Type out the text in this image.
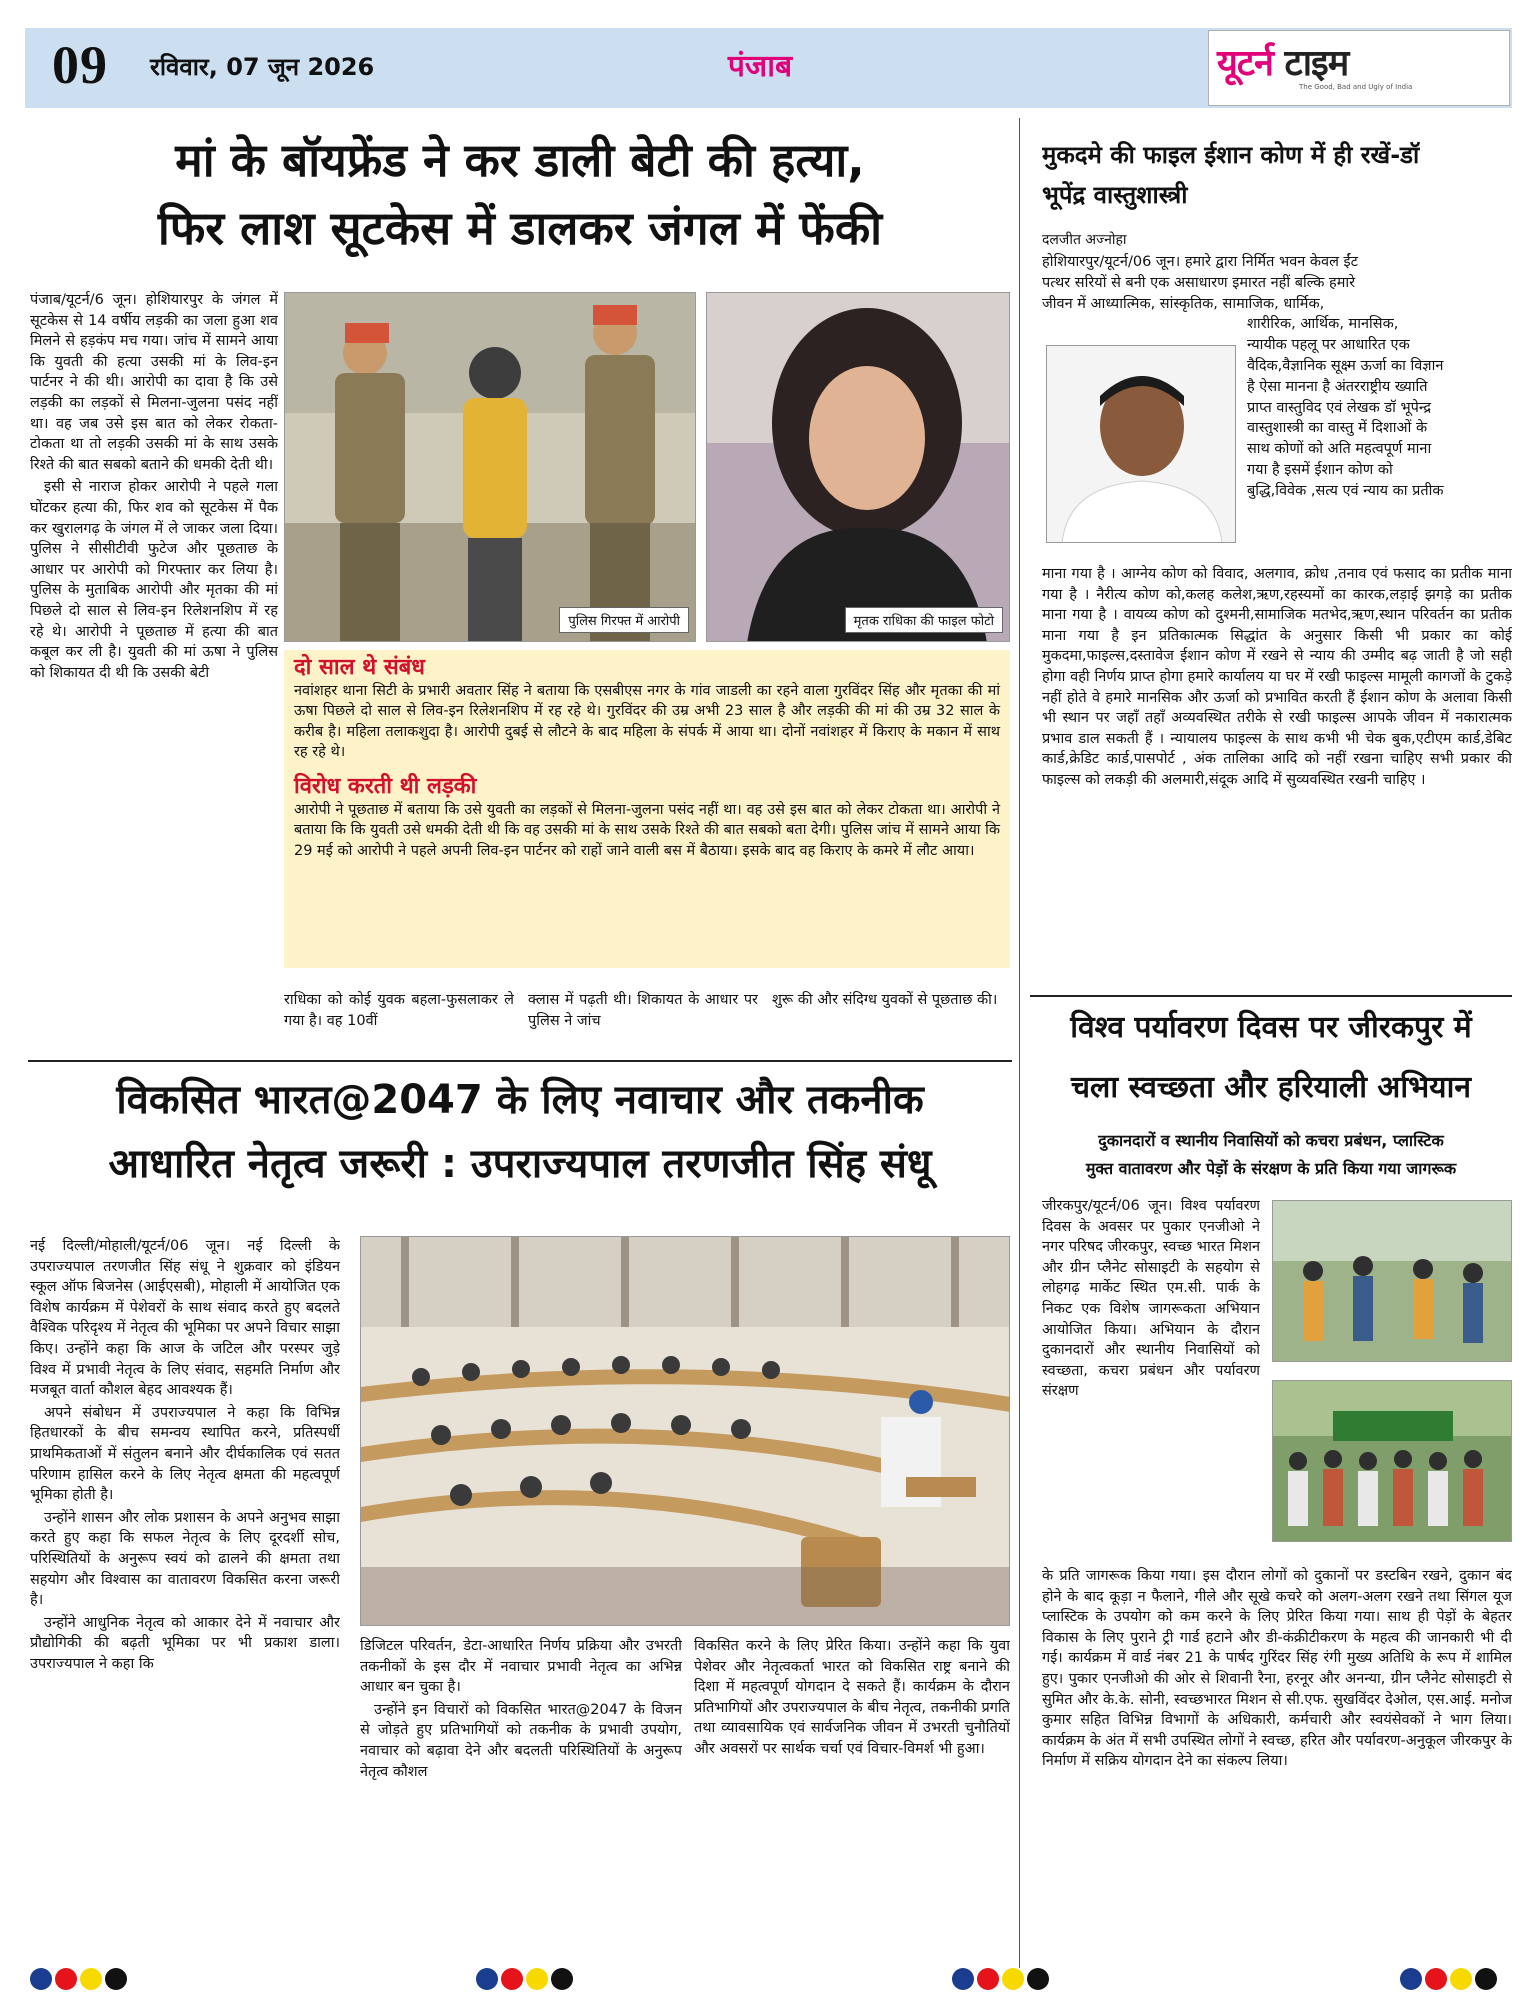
09 रविवार, 07 जून 2026	पंजाब	यूटर्न टाइम
The Good, Bad and Ugly of India
मां के बॉयफ्रेंड ने कर डाली बेटी की हत्या,
फिर लाश सूटकेस में डालकर जंगल में फेंकी

पंजाब/यूटर्न/6 जून। होशियारपुर के जंगल में सूटकेस से 14 वर्षीय लड़की का जला हुआ शव मिलने से हड़कंप मच गया। जांच में सामने आया कि युवती की हत्या उसकी मां के लिव-इन पार्टनर ने की थी। आरोपी का दावा है कि उसे लड़की का लड़कों से मिलना-जुलना पसंद नहीं था। वह जब उसे इस बात को लेकर रोकता-टोकता था तो लड़की उसकी मां के साथ उसके रिश्ते की बात सबको बताने की धमकी देती थी।

इसी से नाराज होकर आरोपी ने पहले गला घोंटकर हत्या की, फिर शव को सूटकेस में पैक कर खुरालगढ़ के जंगल में ले जाकर जला दिया। पुलिस ने सीसीटीवी फुटेज और पूछताछ के आधार पर आरोपी को गिरफ्तार कर लिया है। पुलिस के मुताबिक आरोपी और मृतका की मां पिछले दो साल से लिव-इन रिलेशनशिप में रह रहे थे। आरोपी ने पूछताछ में हत्या की बात कबूल कर ली है। युवती की मां ऊषा ने पुलिस को शिकायत दी थी कि उसकी बेटी

पुलिस गिरफ्त में आरोपी	मृतक राधिका की फाइल फोटो
दो साल थे संबंध
नवांशहर थाना सिटी के प्रभारी अवतार सिंह ने बताया कि एसबीएस नगर के गांव जाडली का रहने वाला गुरविंदर सिंह और मृतका की मां ऊषा पिछले दो साल से लिव-इन रिलेशनशिप में रह रहे थे। गुरविंदर की उम्र अभी 23 साल है और लड़की की मां की उम्र 32 साल के करीब है। महिला तलाकशुदा है। आरोपी दुबई से लौटने के बाद महिला के संपर्क में आया था। दोनों नवांशहर में किराए के मकान में साथ रह रहे थे।
विरोध करती थी लड़की
आरोपी ने पूछताछ में बताया कि उसे युवती का लड़कों से मिलना-जुलना पसंद नहीं था। वह उसे इस बात को लेकर टोकता था। आरोपी ने बताया कि कि युवती उसे धमकी देती थी कि वह उसकी मां के साथ उसके रिश्ते की बात सबको बता देगी। पुलिस जांच में सामने आया कि 29 मई को आरोपी ने पहले अपनी लिव-इन पार्टनर को राहों जाने वाली बस में बैठाया। इसके बाद वह किराए के कमरे में लौट आया।
राधिका को कोई युवक बहला-फुसलाकर ले गया है। वह 10वीं
क्लास में पढ़ती थी। शिकायत के आधार पर पुलिस ने जांच
शुरू की और संदिग्ध युवकों से पूछताछ की।
विकसित भारत@2047 के लिए नवाचार और तकनीक
आधारित नेतृत्व जरूरी : उपराज्यपाल तरणजीत सिंह संधू

नई दिल्ली/मोहाली/यूटर्न/06 जून। नई दिल्ली के उपराज्यपाल तरणजीत सिंह संधू ने शुक्रवार को इंडियन स्कूल ऑफ बिजनेस (आईएसबी), मोहाली में आयोजित एक विशेष कार्यक्रम में पेशेवरों के साथ संवाद करते हुए बदलते वैश्विक परिदृश्य में नेतृत्व की भूमिका पर अपने विचार साझा किए। उन्होंने कहा कि आज के जटिल और परस्पर जुड़े विश्व में प्रभावी नेतृत्व के लिए संवाद, सहमति निर्माण और मजबूत वार्ता कौशल बेहद आवश्यक हैं।

अपने संबोधन में उपराज्यपाल ने कहा कि विभिन्न हितधारकों के बीच समन्वय स्थापित करने, प्रतिस्पर्धी प्राथमिकताओं में संतुलन बनाने और दीर्घकालिक एवं सतत परिणाम हासिल करने के लिए नेतृत्व क्षमता की महत्वपूर्ण भूमिका होती है।

उन्होंने शासन और लोक प्रशासन के अपने अनुभव साझा करते हुए कहा कि सफल नेतृत्व के लिए दूरदर्शी सोच, परिस्थितियों के अनुरूप स्वयं को ढालने की क्षमता तथा सहयोग और विश्वास का वातावरण विकसित करना जरूरी है।

उन्होंने आधुनिक नेतृत्व को आकार देने में नवाचार और प्रौद्योगिकी की बढ़ती भूमिका पर भी प्रकाश डाला। उपराज्यपाल ने कहा कि

डिजिटल परिवर्तन, डेटा-आधारित निर्णय प्रक्रिया और उभरती तकनीकों के इस दौर में नवाचार प्रभावी नेतृत्व का अभिन्न आधार बन चुका है।

उन्होंने इन विचारों को विकसित भारत@2047 के विजन से जोड़ते हुए प्रतिभागियों को तकनीक के प्रभावी उपयोग, नवाचार को बढ़ावा देने और बदलती परिस्थितियों के अनुरूप नेतृत्व कौशल

विकसित करने के लिए प्रेरित किया। उन्होंने कहा कि युवा पेशेवर और नेतृत्वकर्ता भारत को विकसित राष्ट्र बनाने की दिशा में महत्वपूर्ण योगदान दे सकते हैं। कार्यक्रम के दौरान प्रतिभागियों और उपराज्यपाल के बीच नेतृत्व, तकनीकी प्रगति तथा व्यावसायिक एवं सार्वजनिक जीवन में उभरती चुनौतियों और अवसरों पर सार्थक चर्चा एवं विचार-विमर्श भी हुआ।

मुकदमे की फाइल ईशान कोण में ही रखें-डॉ
भूपेंद्र वास्तुशास्त्री
दलजीत अज्नोहा
होशियारपुर/यूटर्न/06 जून। हमारे द्वारा निर्मित भवन केवल ईंट
पत्थर सरियों से बनी एक असाधारण इमारत नहीं बल्कि हमारे
जीवन में आध्यात्मिक, सांस्कृतिक, सामाजिक, धार्मिक,
शारीरिक, आर्थिक, मानसिक,
न्यायीक पहलू पर आधारित एक
वैदिक,वैज्ञानिक सूक्ष्म ऊर्जा का विज्ञान
है ऐसा मानना है अंतरराष्ट्रीय ख्याति
प्राप्त वास्तुविद एवं लेखक डॉ भूपेन्द्र
वास्तुशास्त्री का वास्तु में दिशाओं के
साथ कोणों को अति महत्वपूर्ण माना
गया है इसमें ईशान कोण को
बुद्धि,विवेक ,सत्य एवं न्याय का प्रतीक
माना गया है । आग्नेय कोण को विवाद, अलगाव, क्रोध ,तनाव एवं फसाद का प्रतीक माना गया है । नैरीत्य कोण को,कलह कलेश,ऋण,रहस्यमों का कारक,लड़ाई झगड़े का प्रतीक माना गया है । वायव्य कोण को दुश्मनी,सामाजिक मतभेद,ऋण,स्थान परिवर्तन का प्रतीक माना गया है इन प्रतिकात्मक सिद्धांत के अनुसार किसी भी प्रकार का कोई मुकदमा,फाइल्स,दस्तावेज ईशान कोण में रखने से न्याय की उम्मीद बढ़ जाती है जो सही होगा वही निर्णय प्राप्त होगा हमारे कार्यालय या घर में रखी फाइल्स मामूली कागजों के टुकड़े नहीं होते वे हमारे मानसिक और ऊर्जा को प्रभावित करती हैं ईशान कोण के अलावा किसी भी स्थान पर जहाँ तहाँ अव्यवस्थित तरीके से रखी फाइल्स आपके जीवन में नकारात्मक प्रभाव डाल सकती हैं । न्यायालय फाइल्स के साथ कभी भी चेक बुक,एटीएम कार्ड,डेबिट कार्ड,क्रेडिट कार्ड,पासपोर्ट , अंक तालिका आदि को नहीं रखना चाहिए सभी प्रकार की फाइल्स को लकड़ी की अलमारी,संदूक आदि में सुव्यवस्थित रखनी चाहिए ।
विश्व पर्यावरण दिवस पर जीरकपुर में
चला स्वच्छता और हरियाली अभियान
दुकानदारों व स्थानीय निवासियों को कचरा प्रबंधन, प्लास्टिक
मुक्त वातावरण और पेड़ों के संरक्षण के प्रति किया गया जागरूक
जीरकपुर/यूटर्न/06 जून। विश्व पर्यावरण दिवस के अवसर पर पुकार एनजीओ ने नगर परिषद जीरकपुर, स्वच्छ भारत मिशन और ग्रीन प्लैनेट सोसाइटी के सहयोग से लोहगढ़ मार्केट स्थित एम.सी. पार्क के निकट एक विशेष जागरूकता अभियान आयोजित किया। अभियान के दौरान दुकानदारों और स्थानीय निवासियों को स्वच्छता, कचरा प्रबंधन और पर्यावरण संरक्षण
के प्रति जागरूक किया गया। इस दौरान लोगों को दुकानों पर डस्टबिन रखने, दुकान बंद होने के बाद कूड़ा न फैलाने, गीले और सूखे कचरे को अलग-अलग रखने तथा सिंगल यूज प्लास्टिक के उपयोग को कम करने के लिए प्रेरित किया गया। साथ ही पेड़ों के बेहतर विकास के लिए पुराने ट्री गार्ड हटाने और डी-कंक्रीटीकरण के महत्व की जानकारी भी दी गई। कार्यक्रम में वार्ड नंबर 21 के पार्षद गुरिंदर सिंह रंगी मुख्य अतिथि के रूप में शामिल हुए। पुकार एनजीओ की ओर से शिवानी रैना, हरनूर और अनन्या, ग्रीन प्लैनेट सोसाइटी से सुमित और के.के. सोनी, स्वच्छभारत मिशन से सी.एफ. सुखविंदर देओल, एस.आई. मनोज कुमार सहित विभिन्न विभागों के अधिकारी, कर्मचारी और स्वयंसेवकों ने भाग लिया। कार्यक्रम के अंत में सभी उपस्थित लोगों ने स्वच्छ, हरित और पर्यावरण-अनुकूल जीरकपुर के निर्माण में सक्रिय योगदान देने का संकल्प लिया।
